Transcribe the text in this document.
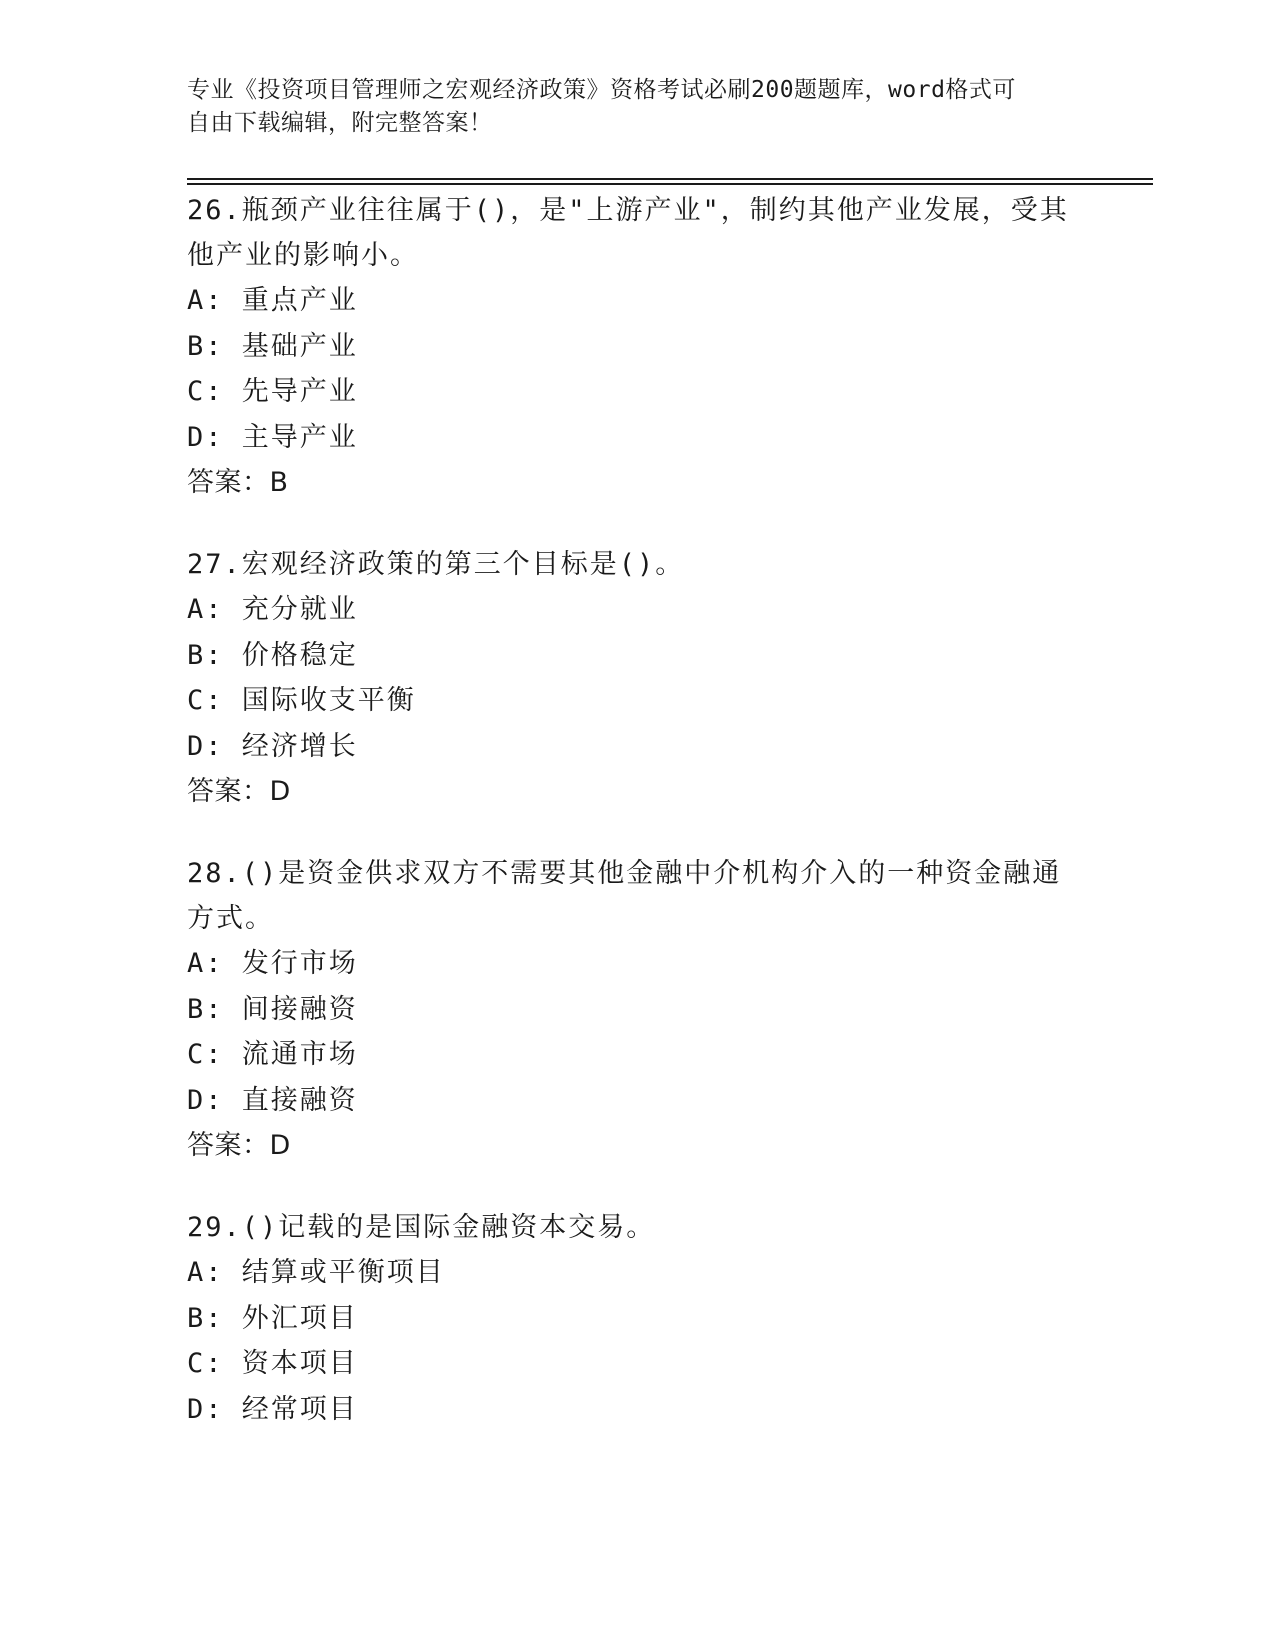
专业《投资项目管理师之宏观经济政策》资格考试必刷200题题库，word格式可
自由下载编辑，附完整答案！
26.瓶颈产业往往属于()，是"上游产业"，制约其他产业发展，受其他产业的影响小。
A: 重点产业
B: 基础产业
C: 先导产业
D: 主导产业
答案：B
27.宏观经济政策的第三个目标是()。
A: 充分就业
B: 价格稳定
C: 国际收支平衡
D: 经济增长
答案：D
28.()是资金供求双方不需要其他金融中介机构介入的一种资金融通方式。
A: 发行市场
B: 间接融资
C: 流通市场
D: 直接融资
答案：D
29.()记载的是国际金融资本交易。
A: 结算或平衡项目
B: 外汇项目
C: 资本项目
D: 经常项目
